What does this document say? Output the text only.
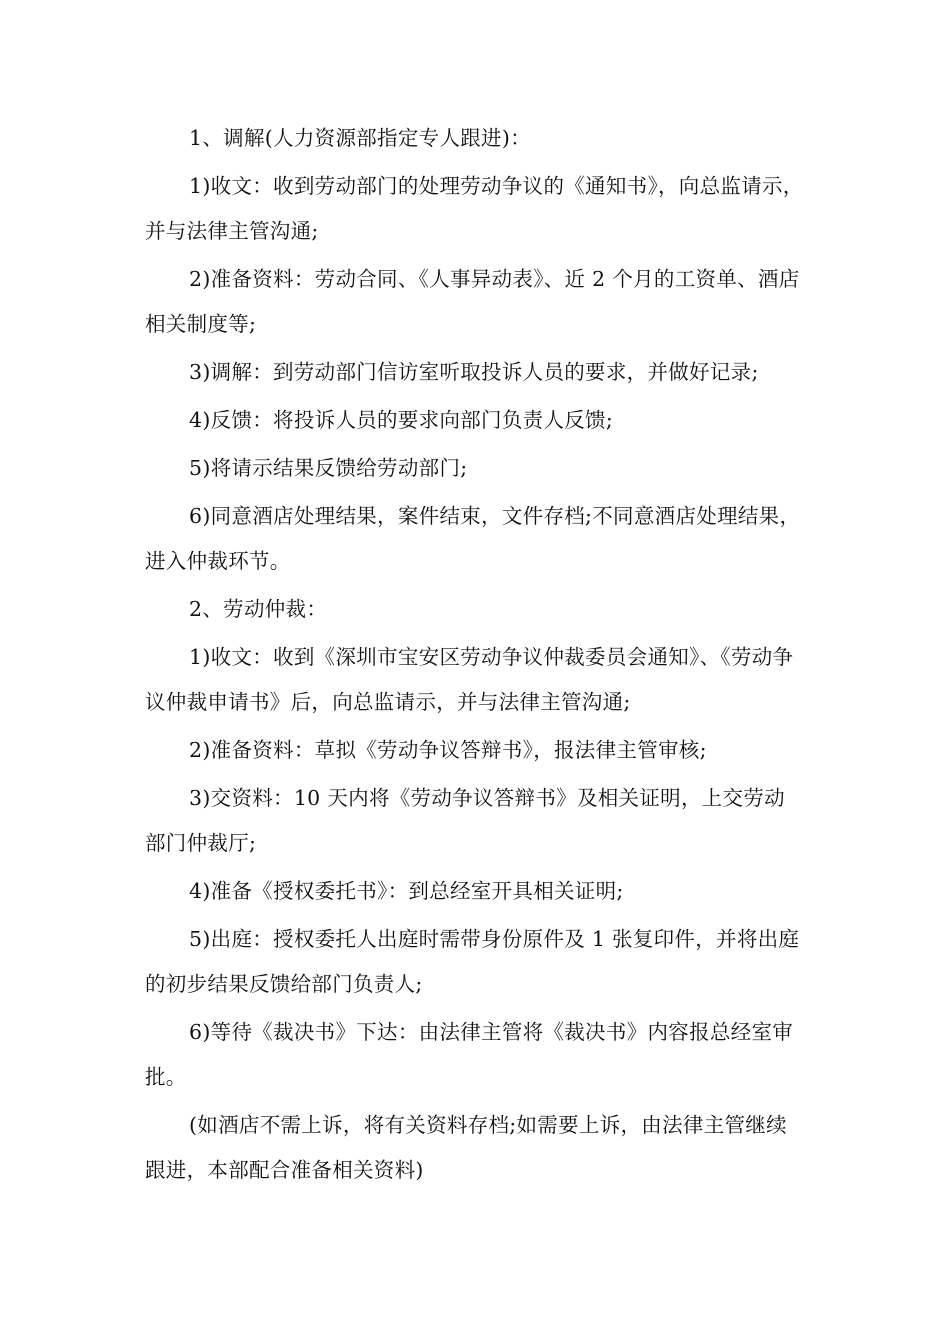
1、调解(人力资源部指定专人跟进)：

1)收文：收到劳动部门的处理劳动争议的《通知书》，向总监请示，并与法律主管沟通;

2)准备资料：劳动合同、《人事异动表》、近 2 个月的工资单、酒店相关制度等;

3)调解：到劳动部门信访室听取投诉人员的要求，并做好记录;

4)反馈：将投诉人员的要求向部门负责人反馈;

5)将请示结果反馈给劳动部门;

6)同意酒店处理结果，案件结束，文件存档;不同意酒店处理结果，进入仲裁环节。

2、劳动仲裁：

1)收文：收到《深圳市宝安区劳动争议仲裁委员会通知》、《劳动争议仲裁申请书》后，向总监请示，并与法律主管沟通;

2)准备资料：草拟《劳动争议答辩书》，报法律主管审核;

3)交资料：10 天内将《劳动争议答辩书》及相关证明，上交劳动部门仲裁厅;

4)准备《授权委托书》：到总经室开具相关证明;

5)出庭：授权委托人出庭时需带身份原件及 1 张复印件，并将出庭的初步结果反馈给部门负责人;

6)等待《裁决书》下达：由法律主管将《裁决书》内容报总经室审批。

(如酒店不需上诉，将有关资料存档;如需要上诉，由法律主管继续跟进，本部配合准备相关资料)
